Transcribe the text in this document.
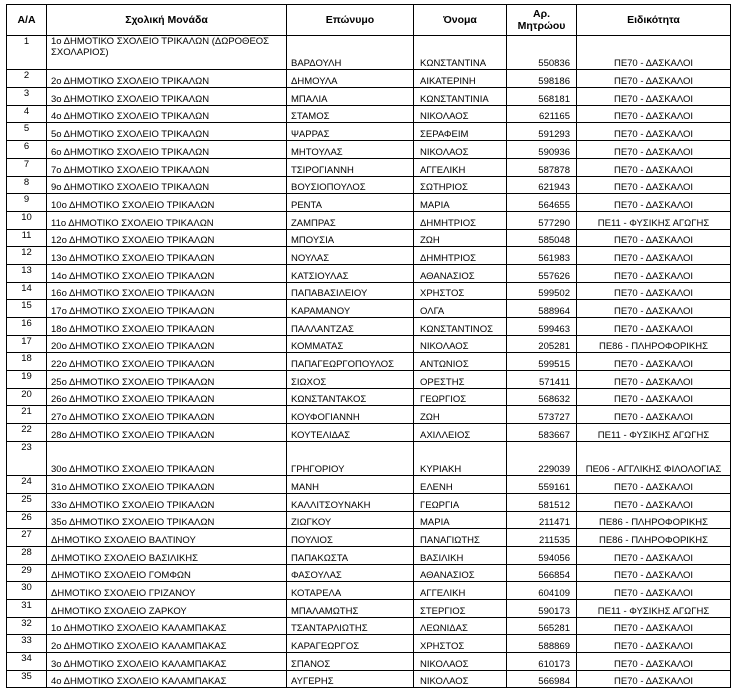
Α/Α	Σχολική Μονάδα	Επώνυμο	Όνομα	Αρ. Μητρώου	Ειδικότητα
1	1ο ΔΗΜΟΤΙΚΟ ΣΧΟΛΕΙΟ ΤΡΙΚΑΛΩΝ (ΔΩΡΟΘΕΟΣ ΣΧΟΛΑΡΙΟΣ)	ΒΑΡΔΟΥΛΗ	ΚΩΝΣΤΑΝΤΙΝΑ	550836	ΠΕ70 - ΔΑΣΚΑΛΟΙ
2	2ο ΔΗΜΟΤΙΚΟ ΣΧΟΛΕΙΟ ΤΡΙΚΑΛΩΝ	ΔΗΜΟΥΛΑ	ΑΙΚΑΤΕΡΙΝΗ	598186	ΠΕ70 - ΔΑΣΚΑΛΟΙ
3	3ο ΔΗΜΟΤΙΚΟ ΣΧΟΛΕΙΟ ΤΡΙΚΑΛΩΝ	ΜΠΑΛΙΑ	ΚΩΝΣΤΑΝΤΙΝΙΑ	568181	ΠΕ70 - ΔΑΣΚΑΛΟΙ
4	4ο ΔΗΜΟΤΙΚΟ ΣΧΟΛΕΙΟ ΤΡΙΚΑΛΩΝ	ΣΤΑΜΟΣ	ΝΙΚΟΛΑΟΣ	621165	ΠΕ70 - ΔΑΣΚΑΛΟΙ
5	5ο ΔΗΜΟΤΙΚΟ ΣΧΟΛΕΙΟ ΤΡΙΚΑΛΩΝ	ΨΑΡΡΑΣ	ΣΕΡΑΦΕΙΜ	591293	ΠΕ70 - ΔΑΣΚΑΛΟΙ
6	6ο ΔΗΜΟΤΙΚΟ ΣΧΟΛΕΙΟ ΤΡΙΚΑΛΩΝ	ΜΗΤΟΥΛΑΣ	ΝΙΚΟΛΑΟΣ	590936	ΠΕ70 - ΔΑΣΚΑΛΟΙ
7	7ο ΔΗΜΟΤΙΚΟ ΣΧΟΛΕΙΟ ΤΡΙΚΑΛΩΝ	ΤΣΙΡΟΓΙΑΝΝΗ	ΑΓΓΕΛΙΚΗ	587878	ΠΕ70 - ΔΑΣΚΑΛΟΙ
8	9ο ΔΗΜΟΤΙΚΟ ΣΧΟΛΕΙΟ ΤΡΙΚΑΛΩΝ	ΒΟΥΣΙΟΠΟΥΛΟΣ	ΣΩΤΗΡΙΟΣ	621943	ΠΕ70 - ΔΑΣΚΑΛΟΙ
9	10ο ΔΗΜΟΤΙΚΟ ΣΧΟΛΕΙΟ ΤΡΙΚΑΛΩΝ	ΡΕΝΤΑ	ΜΑΡΙΑ	564655	ΠΕ70 - ΔΑΣΚΑΛΟΙ
10	11ο ΔΗΜΟΤΙΚΟ ΣΧΟΛΕΙΟ ΤΡΙΚΑΛΩΝ	ΖΑΜΠΡΑΣ	ΔΗΜΗΤΡΙΟΣ	577290	ΠΕ11 - ΦΥΣΙΚΗΣ ΑΓΩΓΗΣ
11	12ο ΔΗΜΟΤΙΚΟ ΣΧΟΛΕΙΟ ΤΡΙΚΑΛΩΝ	ΜΠΟΥΣΙΑ	ΖΩΗ	585048	ΠΕ70 - ΔΑΣΚΑΛΟΙ
12	13ο ΔΗΜΟΤΙΚΟ ΣΧΟΛΕΙΟ ΤΡΙΚΑΛΩΝ	ΝΟΥΛΑΣ	ΔΗΜΗΤΡΙΟΣ	561983	ΠΕ70 - ΔΑΣΚΑΛΟΙ
13	14ο ΔΗΜΟΤΙΚΟ ΣΧΟΛΕΙΟ ΤΡΙΚΑΛΩΝ	ΚΑΤΣΙΟΥΛΑΣ	ΑΘΑΝΑΣΙΟΣ	557626	ΠΕ70 - ΔΑΣΚΑΛΟΙ
14	16ο ΔΗΜΟΤΙΚΟ ΣΧΟΛΕΙΟ ΤΡΙΚΑΛΩΝ	ΠΑΠΑΒΑΣΙΛΕΙΟΥ	ΧΡΗΣΤΟΣ	599502	ΠΕ70 - ΔΑΣΚΑΛΟΙ
15	17ο ΔΗΜΟΤΙΚΟ ΣΧΟΛΕΙΟ ΤΡΙΚΑΛΩΝ	ΚΑΡΑΜΑΝΟΥ	ΟΛΓΑ	588964	ΠΕ70 - ΔΑΣΚΑΛΟΙ
16	18ο ΔΗΜΟΤΙΚΟ ΣΧΟΛΕΙΟ ΤΡΙΚΑΛΩΝ	ΠΑΛΛΑΝΤΖΑΣ	ΚΩΝΣΤΑΝΤΙΝΟΣ	599463	ΠΕ70 - ΔΑΣΚΑΛΟΙ
17	20ο ΔΗΜΟΤΙΚΟ ΣΧΟΛΕΙΟ ΤΡΙΚΑΛΩΝ	ΚΟΜΜΑΤΑΣ	ΝΙΚΟΛΑΟΣ	205281	ΠΕ86 - ΠΛΗΡΟΦΟΡΙΚΗΣ
18	22ο ΔΗΜΟΤΙΚΟ ΣΧΟΛΕΙΟ ΤΡΙΚΑΛΩΝ	ΠΑΠΑΓΕΩΡΓΟΠΟΥΛΟΣ	ΑΝΤΩΝΙΟΣ	599515	ΠΕ70 - ΔΑΣΚΑΛΟΙ
19	25ο ΔΗΜΟΤΙΚΟ ΣΧΟΛΕΙΟ ΤΡΙΚΑΛΩΝ	ΣΙΩΧΟΣ	ΟΡΕΣΤΗΣ	571411	ΠΕ70 - ΔΑΣΚΑΛΟΙ
20	26ο ΔΗΜΟΤΙΚΟ ΣΧΟΛΕΙΟ ΤΡΙΚΑΛΩΝ	ΚΩΝΣΤΑΝΤΑΚΟΣ	ΓΕΩΡΓΙΟΣ	568632	ΠΕ70 - ΔΑΣΚΑΛΟΙ
21	27ο ΔΗΜΟΤΙΚΟ ΣΧΟΛΕΙΟ ΤΡΙΚΑΛΩΝ	ΚΟΥΦΟΓΙΑΝΝΗ	ΖΩΗ	573727	ΠΕ70 - ΔΑΣΚΑΛΟΙ
22	28ο ΔΗΜΟΤΙΚΟ ΣΧΟΛΕΙΟ ΤΡΙΚΑΛΩΝ	ΚΟΥΤΕΛΙΔΑΣ	ΑΧΙΛΛΕΙΟΣ	583667	ΠΕ11 - ΦΥΣΙΚΗΣ ΑΓΩΓΗΣ
23	30ο ΔΗΜΟΤΙΚΟ ΣΧΟΛΕΙΟ ΤΡΙΚΑΛΩΝ	ΓΡΗΓΟΡΙΟΥ	ΚΥΡΙΑΚΗ	229039	ΠΕ06 - ΑΓΓΛΙΚΗΣ ΦΙΛΟΛΟΓΙΑΣ
24	31ο ΔΗΜΟΤΙΚΟ ΣΧΟΛΕΙΟ ΤΡΙΚΑΛΩΝ	ΜΑΝΗ	ΕΛΕΝΗ	559161	ΠΕ70 - ΔΑΣΚΑΛΟΙ
25	33ο ΔΗΜΟΤΙΚΟ ΣΧΟΛΕΙΟ ΤΡΙΚΑΛΩΝ	ΚΑΛΛΙΤΣΟΥΝΑΚΗ	ΓΕΩΡΓΙΑ	581512	ΠΕ70 - ΔΑΣΚΑΛΟΙ
26	35ο ΔΗΜΟΤΙΚΟ ΣΧΟΛΕΙΟ ΤΡΙΚΑΛΩΝ	ΖΙΩΓΚΟΥ	ΜΑΡΙΑ	211471	ΠΕ86 - ΠΛΗΡΟΦΟΡΙΚΗΣ
27	ΔΗΜΟΤΙΚΟ ΣΧΟΛΕΙΟ ΒΑΛΤΙΝΟΥ	ΠΟΥΛΙΟΣ	ΠΑΝΑΓΙΩΤΗΣ	211535	ΠΕ86 - ΠΛΗΡΟΦΟΡΙΚΗΣ
28	ΔΗΜΟΤΙΚΟ ΣΧΟΛΕΙΟ ΒΑΣΙΛΙΚΗΣ	ΠΑΠΑΚΩΣΤΑ	ΒΑΣΙΛΙΚΗ	594056	ΠΕ70 - ΔΑΣΚΑΛΟΙ
29	ΔΗΜΟΤΙΚΟ ΣΧΟΛΕΙΟ ΓΟΜΦΩΝ	ΦΑΣΟΥΛΑΣ	ΑΘΑΝΑΣΙΟΣ	566854	ΠΕ70 - ΔΑΣΚΑΛΟΙ
30	ΔΗΜΟΤΙΚΟ ΣΧΟΛΕΙΟ ΓΡΙΖΑΝΟΥ	ΚΟΤΑΡΕΛΑ	ΑΓΓΕΛΙΚΗ	604109	ΠΕ70 - ΔΑΣΚΑΛΟΙ
31	ΔΗΜΟΤΙΚΟ ΣΧΟΛΕΙΟ ΖΑΡΚΟΥ	ΜΠΑΛΑΜΩΤΗΣ	ΣΤΕΡΓΙΟΣ	590173	ΠΕ11 - ΦΥΣΙΚΗΣ ΑΓΩΓΗΣ
32	1ο ΔΗΜΟΤΙΚΟ ΣΧΟΛΕΙΟ ΚΑΛΑΜΠΑΚΑΣ	ΤΣΑΝΤΑΡΛΙΩΤΗΣ	ΛΕΩΝΙΔΑΣ	565281	ΠΕ70 - ΔΑΣΚΑΛΟΙ
33	2ο ΔΗΜΟΤΙΚΟ ΣΧΟΛΕΙΟ ΚΑΛΑΜΠΑΚΑΣ	ΚΑΡΑΓΕΩΡΓΟΣ	ΧΡΗΣΤΟΣ	588869	ΠΕ70 - ΔΑΣΚΑΛΟΙ
34	3ο ΔΗΜΟΤΙΚΟ ΣΧΟΛΕΙΟ ΚΑΛΑΜΠΑΚΑΣ	ΣΠΑΝΟΣ	ΝΙΚΟΛΑΟΣ	610173	ΠΕ70 - ΔΑΣΚΑΛΟΙ
35	4ο ΔΗΜΟΤΙΚΟ ΣΧΟΛΕΙΟ ΚΑΛΑΜΠΑΚΑΣ	ΑΥΓΕΡΗΣ	ΝΙΚΟΛΑΟΣ	566984	ΠΕ70 - ΔΑΣΚΑΛΟΙ
